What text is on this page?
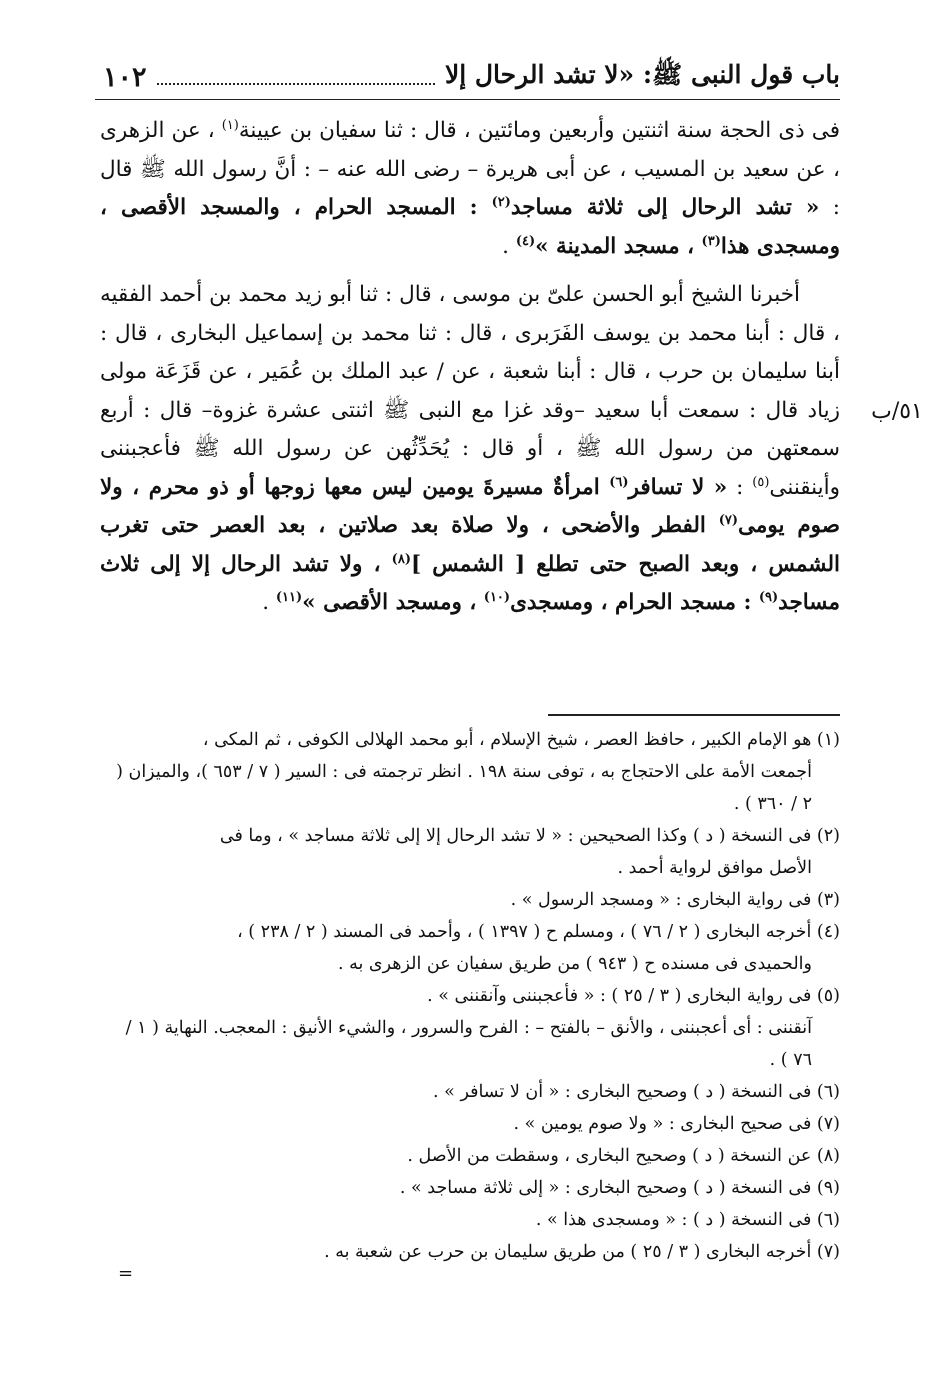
١٠٢	باب قول النبى ﷺ: «لا تشد الرحال إلا
٥١/ب

فى ذى الحجة سنة اثنتين وأربعين ومائتين ، قال : ثنا سفيان بن عيينة$^{(١)}$ ، عن الزهرى ، عن سعيد بن المسيب ، عن أبى هريرة – رضى الله عنه – : أنَّ رسول الله ﷺ قال : « تشد الرحال إلى ثلاثة مساجد$^{(٢)}$ : المسجد الحرام ، والمسجد الأقصى ، ومسجدى هذا$^{(٣)}$ ، مسجد المدينة »$^{(٤)}$ .

أخبرنا الشيخ أبو الحسن علىّ بن موسى ، قال : ثنا أبو زيد محمد بن أحمد الفقيه ، قال : أبنا محمد بن يوسف الفَرَبرى ، قال : ثنا محمد بن إسماعيل البخارى ، قال : أبنا سليمان بن حرب ، قال : أبنا شعبة ، عن / عبد الملك بن عُمَير ، عن قَزَعَة مولى زياد قال : سمعت أبا سعيد –وقد غزا مع النبى ﷺ اثنتى عشرة غزوة– قال : أربع سمعتهن من رسول الله ﷺ ، أو قال : يُحَدِّثُهن عن رسول الله ﷺ فأعجبننى وأينقننى$^{(٥)}$ : « لا تسافر$^{(٦)}$ امرأةٌ مسيرةَ يومين ليس معها زوجها أو ذو محرم ، ولا صوم يومى$^{(٧)}$ الفطر والأضحى ، ولا صلاة بعد صلاتين ، بعد العصر حتى تغرب الشمس ، وبعد الصبح حتى تطلع [ الشمس ]$^{(٨)}$ ، ولا تشد الرحال إلا إلى ثلاث مساجد$^{(٩)}$ : مسجد الحرام ، ومسجدى$^{(١٠)}$ ، ومسجد الأقصى »$^{(١١)}$ .

(١) هو الإمام الكبير ، حافظ العصر ، شيخ الإسلام ، أبو محمد الهلالى الكوفى ، ثم المكى ،

أجمعت الأمة على الاحتجاج به ، توفى سنة ١٩٨ . انظر ترجمته فى : السير ( ٧ / ٦٥٣ )، والميزان ( ٢ / ٣٦٠ ) .

(٢) فى النسخة ( د ) وكذا الصحيحين : « لا تشد الرحال إلا إلى ثلاثة مساجد » ، وما فى

الأصل موافق لرواية أحمد .

(٣) فى رواية البخارى : « ومسجد الرسول » .

(٤) أخرجه البخارى ( ٢ / ٧٦ ) ، ومسلم ح ( ١٣٩٧ ) ، وأحمد فى المسند ( ٢ / ٢٣٨ ) ،

والحميدى فى مسنده ح ( ٩٤٣ ) من طريق سفيان عن الزهرى به .

(٥) فى رواية البخارى ( ٣ / ٢٥ ) : « فأعجبننى وآنقننى » .

آنقننى : أى أعجبننى ، والأنق – بالفتح – : الفرح والسرور ، والشيء الأنيق : المعجب. النهاية ( ١ / ٧٦ ) .

(٦) فى النسخة ( د ) وصحيح البخارى : « أن لا تسافر » .

(٧) فى صحيح البخارى : « ولا صوم يومين » .

(٨) عن النسخة ( د ) وصحيح البخارى ، وسقطت من الأصل .

(٩) فى النسخة ( د ) وصحيح البخارى : « إلى ثلاثة مساجد » .

(٦) فى النسخة ( د ) : « ومسجدى هذا » .

(٧) أخرجه البخارى ( ٣ / ٢٥ ) من طريق سليمان بن حرب عن شعبة به .

=
